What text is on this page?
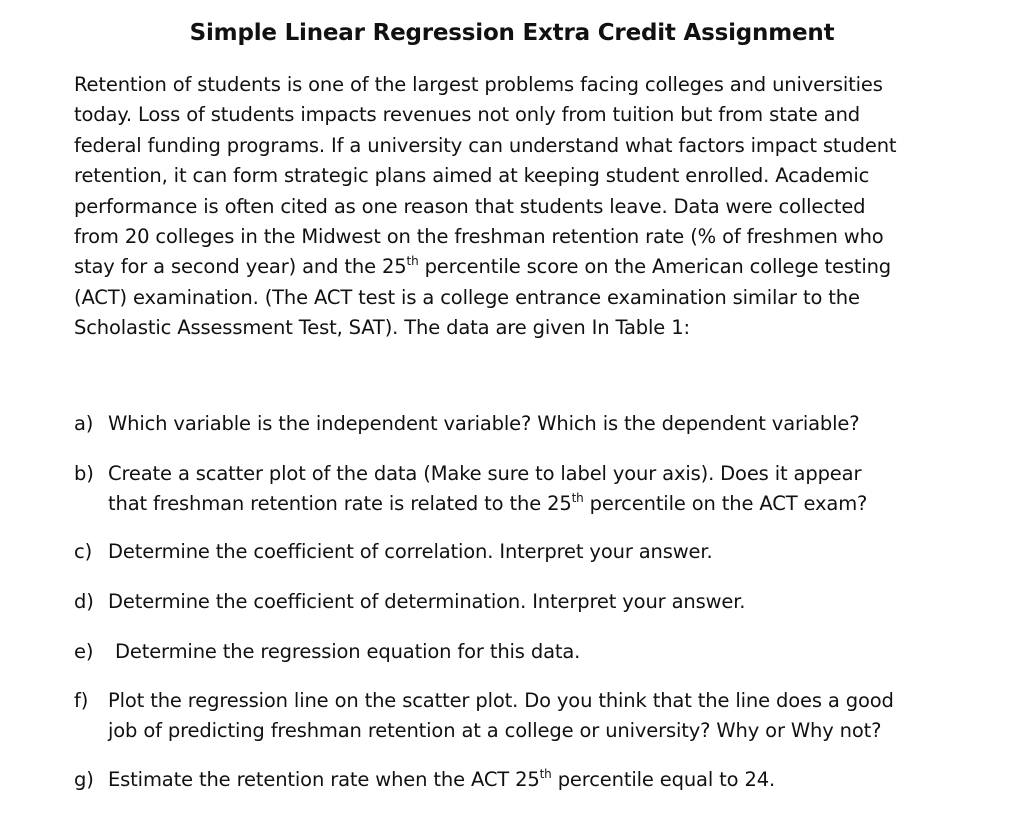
Simple Linear Regression Extra Credit Assignment

Retention of students is one of the largest problems facing colleges and universities
today. Loss of students impacts revenues not only from tuition but from state and
federal funding programs. If a university can understand what factors impact student
retention, it can form strategic plans aimed at keeping student enrolled. Academic
performance is often cited as one reason that students leave. Data were collected
from 20 colleges in the Midwest on the freshman retention rate (% of freshmen who
stay for a second year) and the 25th percentile score on the American college testing
(ACT) examination. (The ACT test is a college entrance examination similar to the
Scholastic Assessment Test, SAT). The data are given In Table 1:

a) Which variable is the independent variable? Which is the dependent variable?
b) Create a scatter plot of the data (Make sure to label your axis). Does it appear
that freshman retention rate is related to the 25th percentile on the ACT exam?
c) Determine the coefficient of correlation. Interpret your answer.
d) Determine the coefficient of determination. Interpret your answer.
e) Determine the regression equation for this data.
f) Plot the regression line on the scatter plot. Do you think that the line does a good
job of predicting freshman retention at a college or university? Why or Why not?
g) Estimate the retention rate when the ACT 25th percentile equal to 24.
